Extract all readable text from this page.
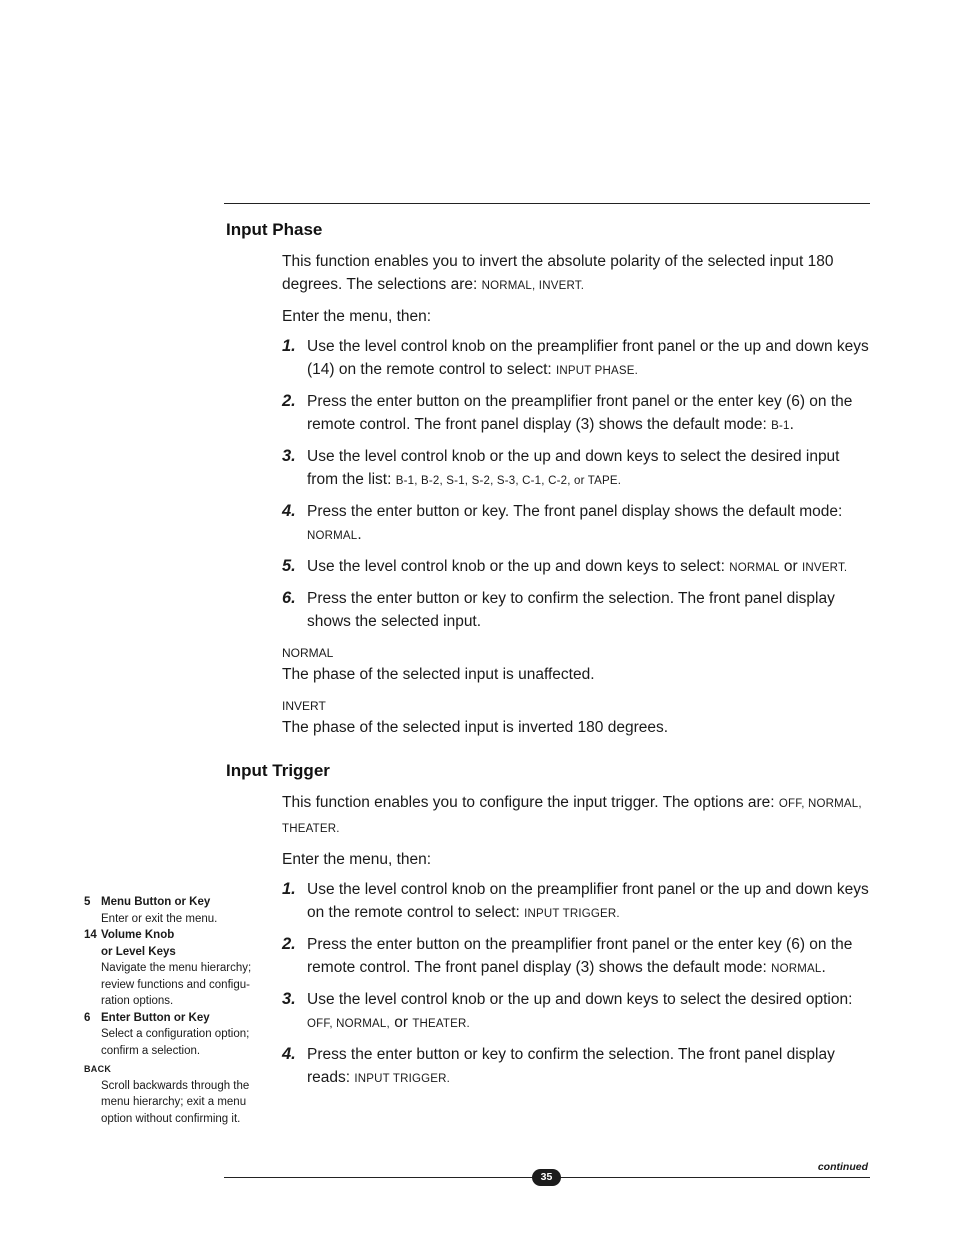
Input Phase

This function enables you to invert the absolute polarity of the selected input 180 degrees. The selections are: NORMAL, INVERT.

Enter the menu, then:

1. Use the level control knob on the preamplifier front panel or the up and down keys (14) on the remote control to select: INPUT PHASE.
2. Press the enter button on the preamplifier front panel or the enter key (6) on the remote control. The front panel display (3) shows the default mode: B-1.
3. Use the level control knob or the up and down keys to select the desired input from the list: B-1, B-2, S-1, S-2, S-3, C-1, C-2, or TAPE.
4. Press the enter button or key. The front panel display shows the default mode: NORMAL.
5. Use the level control knob or the up and down keys to select: NORMAL or INVERT.
6. Press the enter button or key to confirm the selection. The front panel display shows the selected input.
NORMAL

The phase of the selected input is unaffected.

INVERT

The phase of the selected input is inverted 180 degrees.

Input Trigger

This function enables you to configure the input trigger. The options are: OFF, NORMAL, THEATER.

Enter the menu, then:

1. Use the level control knob on the preamplifier front panel or the up and down keys on the remote control to select: INPUT TRIGGER.
2. Press the enter button on the preamplifier front panel or the enter key (6) on the remote control. The front panel display (3) shows the default mode: NORMAL.
3. Use the level control knob or the up and down keys to select the desired option: OFF, NORMAL, or THEATER.
4. Press the enter button or key to confirm the selection. The front panel display reads: INPUT TRIGGER.
5 Menu Button or Key
Enter or exit the menu.
14 Volume Knob
or Level Keys
Navigate the menu hierarchy; review functions and configu-ration options.
6 Enter Button or Key
Select a configuration option; confirm a selection.
BACK
Scroll backwards through the menu hierarchy; exit a menu option without confirming it.
continued
35
